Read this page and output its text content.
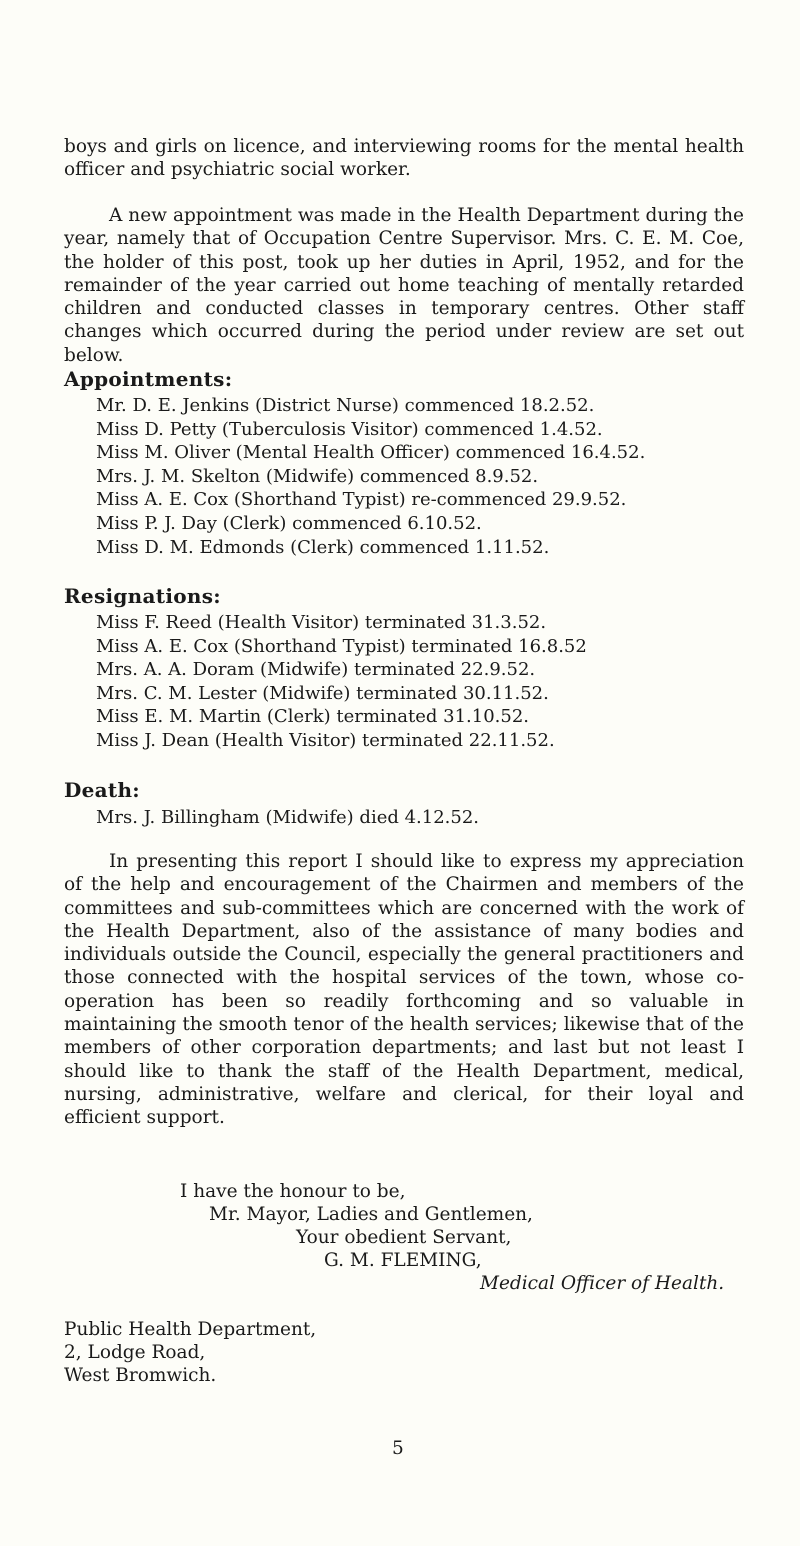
boys and girls on licence, and interviewing rooms for the mental health officer and psychiatric social worker.

A new appointment was made in the Health Department during the year, namely that of Occupation Centre Supervisor. Mrs. C. E. M. Coe, the holder of this post, took up her duties in April, 1952, and for the remainder of the year carried out home teaching of mentally retarded children and conducted classes in temporary centres. Other staff changes which occurred during the period under review are set out below.

Appointments:
Mr. D. E. Jenkins (District Nurse) commenced 18.2.52.
Miss D. Petty (Tuberculosis Visitor) commenced 1.4.52.
Miss M. Oliver (Mental Health Officer) commenced 16.4.52.
Mrs. J. M. Skelton (Midwife) commenced 8.9.52.
Miss A. E. Cox (Shorthand Typist) re-commenced 29.9.52.
Miss P. J. Day (Clerk) commenced 6.10.52.
Miss D. M. Edmonds (Clerk) commenced 1.11.52.
Resignations:
Miss F. Reed (Health Visitor) terminated 31.3.52.
Miss A. E. Cox (Shorthand Typist) terminated 16.8.52
Mrs. A. A. Doram (Midwife) terminated 22.9.52.
Mrs. C. M. Lester (Midwife) terminated 30.11.52.
Miss E. M. Martin (Clerk) terminated 31.10.52.
Miss J. Dean (Health Visitor) terminated 22.11.52.
Death:
Mrs. J. Billingham (Midwife) died 4.12.52.

In presenting this report I should like to express my appreciation of the help and encouragement of the Chairmen and members of the committees and sub-committees which are concerned with the work of the Health Department, also of the assistance of many bodies and individuals outside the Council, especially the general practitioners and those connected with the hospital services of the town, whose co-operation has been so readily forthcoming and so valuable in maintaining the smooth tenor of the health services; likewise that of the members of other corporation departments; and last but not least I should like to thank the staff of the Health Department, medical, nursing, administrative, welfare and clerical, for their loyal and efficient support.

I have the honour to be,
Mr. Mayor, Ladies and Gentlemen,
Your obedient Servant,
G. M. FLEMING,
Medical Officer of Health.
Public Health Department,
2, Lodge Road,
West Bromwich.
5
